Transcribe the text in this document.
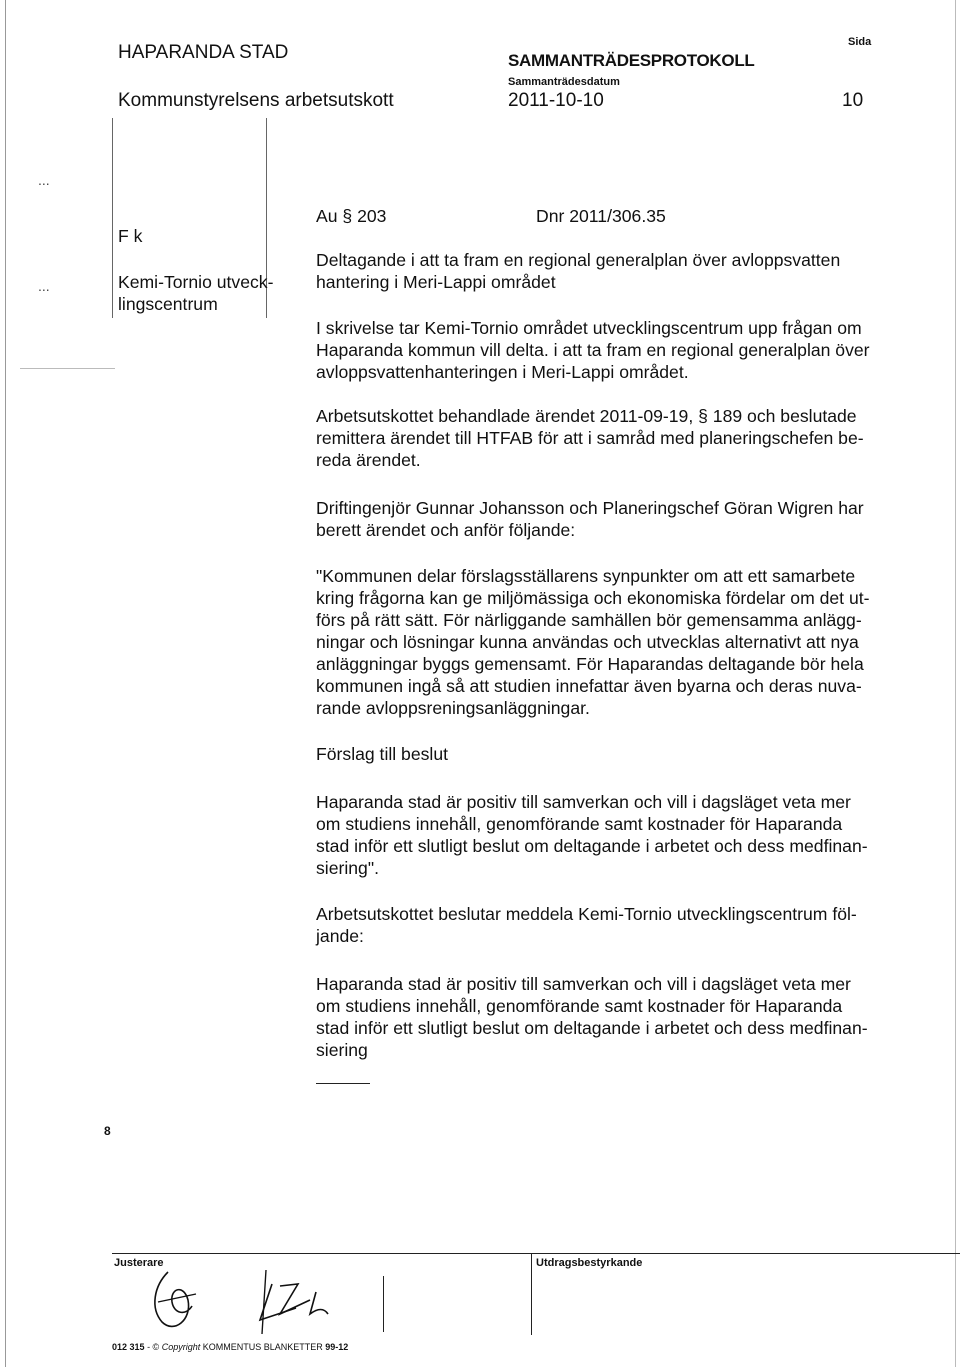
HAPARANDA STAD
Kommunstyrelsens arbetsutskott
SAMMANTRÄDESPROTOKOLL
Sammanträdesdatum
2011-10-10
Sida
10
...
...
F k
Kemi-Tornio utveck-
lingscentrum
Au § 203	Dnr 2011/306.35
Deltagande i att ta fram en regional generalplan över avloppsvatten
hantering i Meri-Lappi området
I skrivelse tar Kemi-Tornio området utvecklingscentrum upp frågan om
Haparanda kommun vill delta. i att ta fram en regional generalplan över
avloppsvattenhanteringen i Meri-Lappi området.
Arbetsutskottet behandlade ärendet 2011-09-19, § 189 och beslutade
remittera ärendet till HTFAB för att i samråd med planeringschefen be-
reda ärendet.
Driftingenjör Gunnar Johansson och Planeringschef Göran Wigren har
berett ärendet och anför följande:
"Kommunen delar förslagsställarens synpunkter om att ett samarbete
kring frågorna kan ge miljömässiga och ekonomiska fördelar om det ut-
förs på rätt sätt. För närliggande samhällen bör gemensamma anlägg-
ningar och lösningar kunna användas och utvecklas alternativt att nya
anläggningar byggs gemensamt. För Haparandas deltagande bör hela
kommunen ingå så att studien innefattar även byarna och deras nuva-
rande avloppsreningsanläggningar.
Förslag till beslut
Haparanda stad är positiv till samverkan och vill i dagsläget veta mer
om studiens innehåll, genomförande samt kostnader för Haparanda
stad inför ett slutligt beslut om deltagande i arbetet och dess medfinan-
siering".
Arbetsutskottet beslutar meddela Kemi-Tornio utvecklingscentrum föl-
jande:
Haparanda stad är positiv till samverkan och vill i dagsläget veta mer
om studiens innehåll, genomförande samt kostnader för Haparanda
stad inför ett slutligt beslut om deltagande i arbetet och dess medfinan-
siering
8
Justerare	Utdragsbestyrkande
012 315 - © Copyright KOMMENTUS BLANKETTER 99-12
